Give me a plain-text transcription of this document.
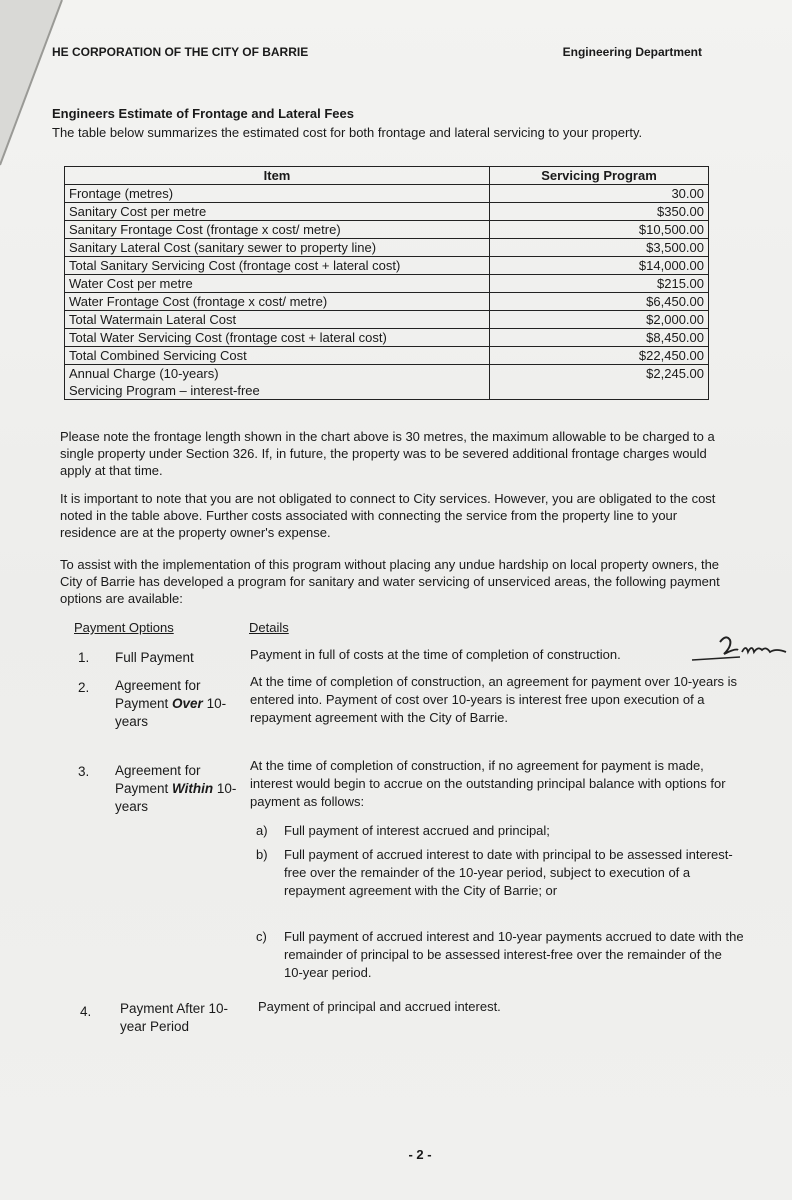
HE CORPORATION OF THE CITY OF BARRIE	Engineering Department
Engineers Estimate of Frontage and Lateral Fees
The table below summarizes the estimated cost for both frontage and lateral servicing to your property.
Item	Servicing Program
Frontage (metres)	30.00
Sanitary Cost per metre	$350.00
Sanitary Frontage Cost (frontage x cost/ metre)	$10,500.00
Sanitary Lateral Cost (sanitary sewer to property line)	$3,500.00
Total Sanitary Servicing Cost (frontage cost + lateral cost)	$14,000.00
Water Cost per metre	$215.00
Water Frontage Cost (frontage x cost/ metre)	$6,450.00
Total Watermain Lateral Cost	$2,000.00
Total Water Servicing Cost (frontage cost + lateral cost)	$8,450.00
Total Combined Servicing Cost	$22,450.00

Annual Charge (10-years)
Servicing Program – interest-free	$2,245.00
Please note the frontage length shown in the chart above is 30 metres, the maximum allowable to be charged to a single property under Section 326. If, in future, the property was to be severed additional frontage charges would apply at that time.
It is important to note that you are not obligated to connect to City services. However, you are obligated to the cost noted in the table above. Further costs associated with connecting the service from the property line to your residence are at the property owner's expense.
To assist with the implementation of this program without placing any undue hardship on local property owners, the City of Barrie has developed a program for sanitary and water servicing of unserviced areas, the following payment options are available:
Payment Options	Details
1. Full Payment	Payment in full of costs at the time of completion of construction.
2. Agreement for Payment Over 10-years
At the time of completion of construction, an agreement for payment over 10-years is entered into. Payment of cost over 10-years is interest free upon execution of a repayment agreement with the City of Barrie.
3. Agreement for Payment Within 10-years
At the time of completion of construction, if no agreement for payment is made, interest would begin to accrue on the outstanding principal balance with options for payment as follows:
a) Full payment of interest accrued and principal;
b) Full payment of accrued interest to date with principal to be assessed interest-free over the remainder of the 10-year period, subject to execution of a repayment agreement with the City of Barrie; or
c) Full payment of accrued interest and 10-year payments accrued to date with the remainder of principal to be assessed interest-free over the remainder of the 10-year period.
4. Payment After 10-year Period
Payment of principal and accrued interest.
- 2 -
